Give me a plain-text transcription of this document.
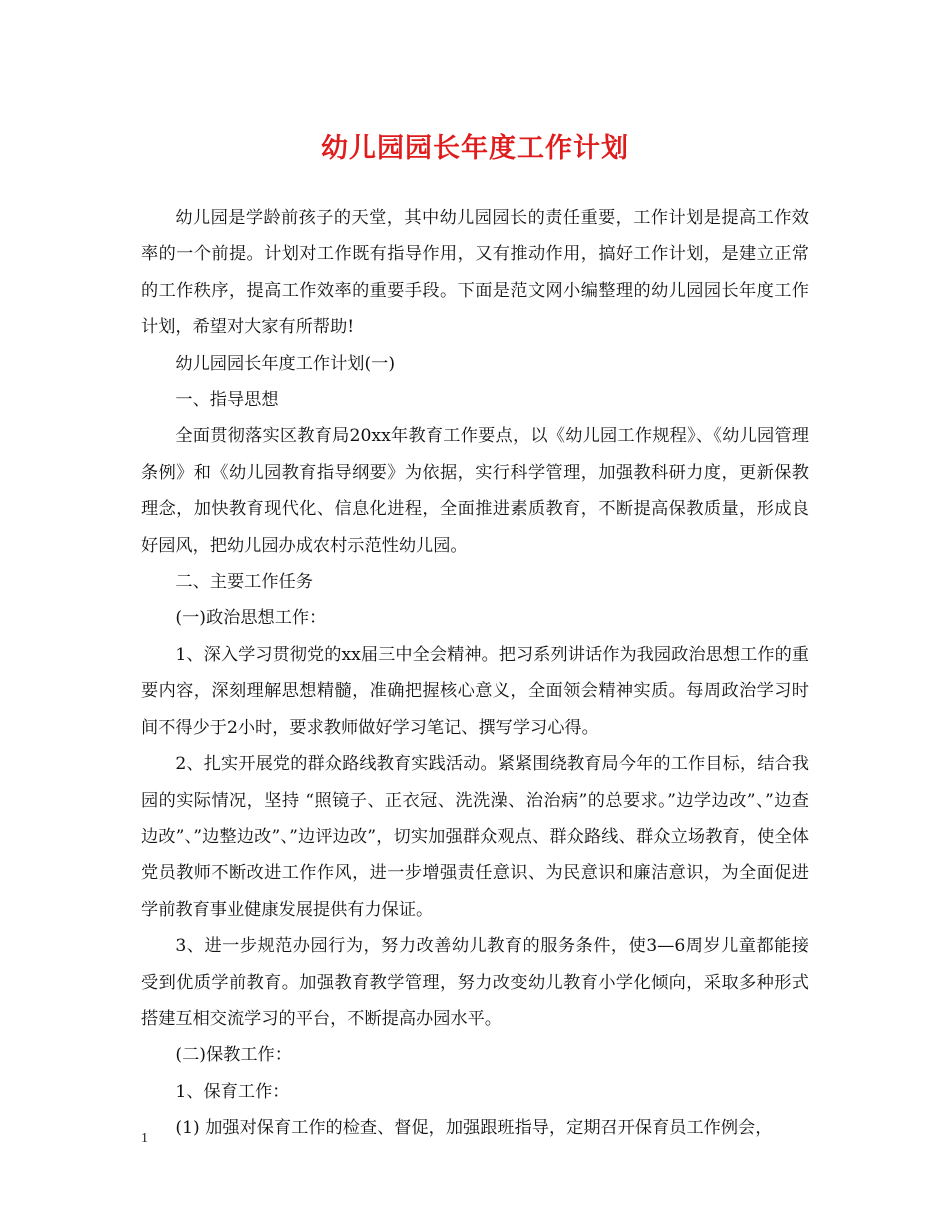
幼儿园园长年度工作计划

幼儿园是学龄前孩子的天堂，其中幼儿园园长的责任重要，工作计划是提高工作效率的一个前提。计划对工作既有指导作用，又有推动作用，搞好工作计划，是建立正常的工作秩序，提高工作效率的重要手段。下面是范文网小编整理的幼儿园园长年度工作计划，希望对大家有所帮助!

幼儿园园长年度工作计划(一)

一、指导思想

全面贯彻落实区教育局20xx年教育工作要点，以《幼儿园工作规程》、《幼儿园管理条例》和《幼儿园教育指导纲要》为依据，实行科学管理，加强教科研力度，更新保教理念，加快教育现代化、信息化进程，全面推进素质教育，不断提高保教质量，形成良好园风，把幼儿园办成农村示范性幼儿园。

二、主要工作任务

(一)政治思想工作：

1、深入学习贯彻党的xx届三中全会精神。把习系列讲话作为我园政治思想工作的重要内容，深刻理解思想精髓，准确把握核心意义，全面领会精神实质。每周政治学习时间不得少于2小时，要求教师做好学习笔记、撰写学习心得。

2、扎实开展党的群众路线教育实践活动。紧紧围绕教育局今年的工作目标，结合我园的实际情况，坚持 “照镜子、正衣冠、洗洗澡、治治病”的总要求。”边学边改”、”边查边改”、”边整边改”、”边评边改”，切实加强群众观点、群众路线、群众立场教育，使全体党员教师不断改进工作作风，进一步增强责任意识、为民意识和廉洁意识，为全面促进学前教育事业健康发展提供有力保证。

3、进一步规范办园行为，努力改善幼儿教育的服务条件，使3—6周岁儿童都能接受到优质学前教育。加强教育教学管理，努力改变幼儿教育小学化倾向，采取多种形式搭建互相交流学习的平台，不断提高办园水平。

(二)保教工作：

1、保育工作：

(1) 加强对保育工作的检查、督促，加强跟班指导，定期召开保育员工作例会，

1
